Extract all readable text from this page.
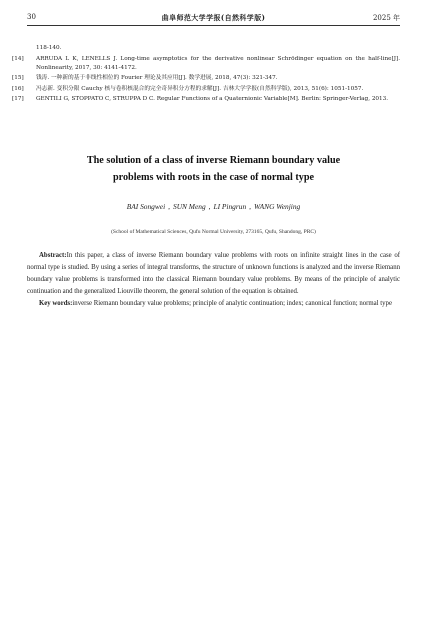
30	曲阜师范大学学报(自然科学版)	2025 年
118-140.
[14] ARRUDA L K, LENELLS J. Long-time asymptotics for the derivative nonlinear Schrödinger equation on the half-line[J]. Nonlinearity, 2017, 30: 4141-4172.
[15] 钱涛. 一种新的基于非线性相位的 Fourier 理论及其应用[J]. 数学进展, 2018, 47(3): 321-347.
[16] 冯志新. 变积分限 Cauchy 核与卷积核混合的完全奇异积分方程的求解[J]. 吉林大学学报(自然科学版), 2013, 51(6): 1051-1057.
[17] GENTILI G, STOPPATO C, STRUPPA D C. Regular Functions of a Quaternionic Variable[M]. Berlin: Springer-Verlag, 2013.
The solution of a class of inverse Riemann boundary value
problems with roots in the case of normal type
BAI Songwei , SUN Meng , LI Pingrun , WANG Wenjing
(School of Mathematical Sciences, Qufu Normal University, 273165, Qufu, Shandong, PRC)

Abstract:In this paper, a class of inverse Riemann boundary value problems with roots on infinite straight lines in the case of normal type is studied. By using a series of integral transforms, the structure of unknown functions is analyzed and the inverse Riemann boundary value problems is transformed into the classical Riemann boundary value problems. By means of the principle of analytic continuation and the generalized Liouville theorem, the general solution of the equation is obtained.

Key words:inverse Riemann boundary value problems; principle of analytic continuation; index; canonical function; normal type
